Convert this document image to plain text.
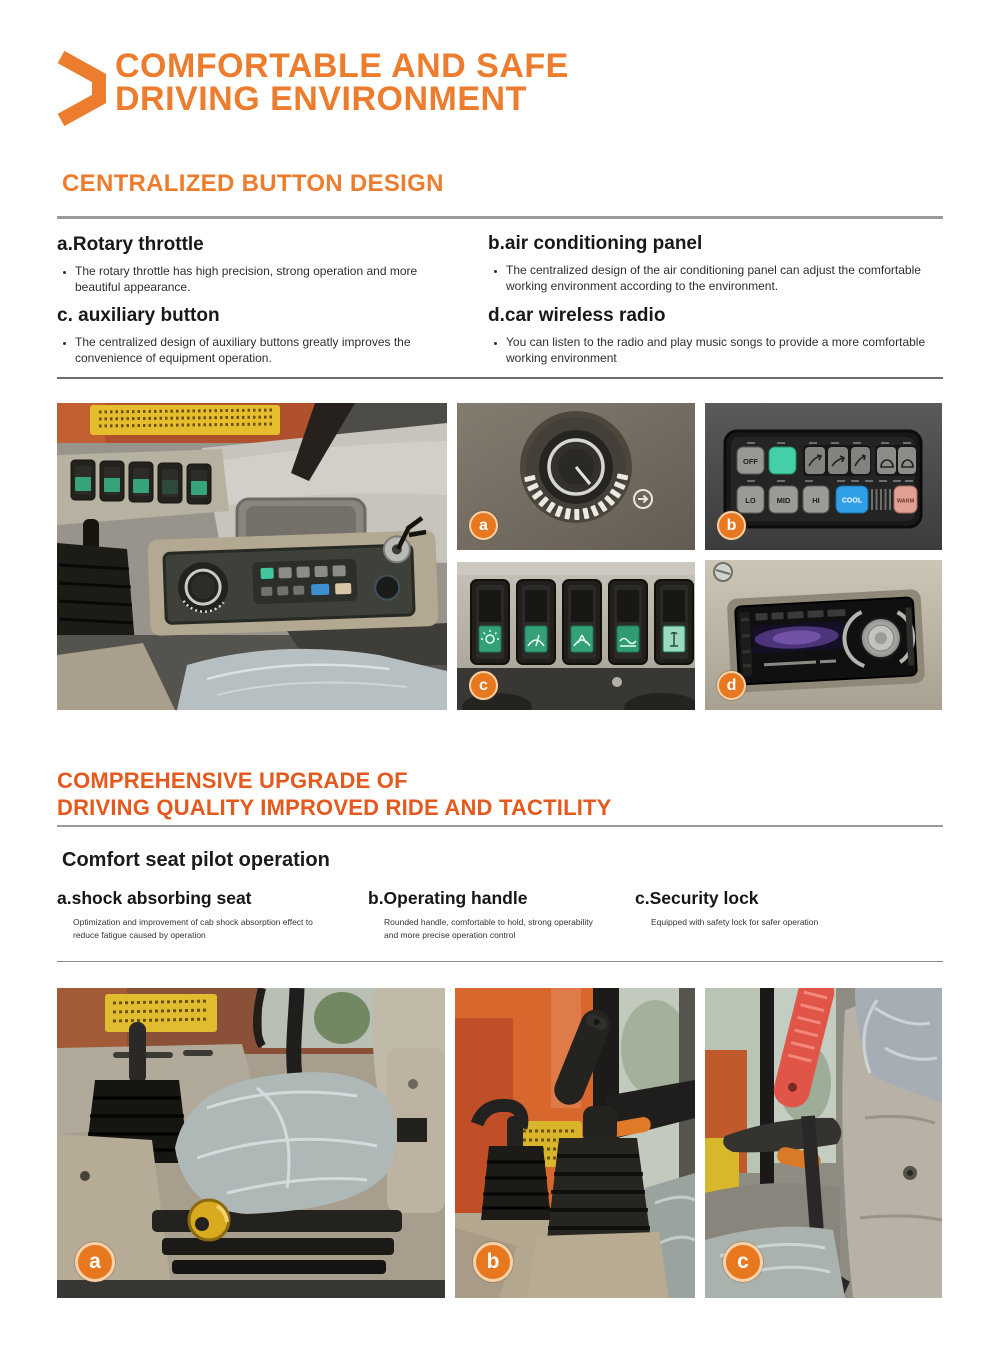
COMFORTABLE AND SAFE
DRIVING ENVIRONMENT
CENTRALIZED BUTTON DESIGN
a.Rotary throttle
• The rotary throttle has high precision, strong operation and more beautiful appearance.
b.air conditioning panel
• The centralized design of the air conditioning panel can adjust the comfortable working environment according to the environment.
c. auxiliary button
• The centralized design of auxiliary buttons greatly improves the convenience of equipment operation.
d.car wireless radio
• You can listen to the radio and play music songs to provide a more comfortable working environment
a
OFF
LO	MID	HI	COOL	WARM
b
c	d
COMPREHENSIVE UPGRADE OF
DRIVING QUALITY IMPROVED RIDE AND TACTILITY
Comfort seat pilot operation
a.shock absorbing seat

Optimization and improvement of cab shock absorption effect to reduce fatigue caused by operation

b.Operating handle

Rounded handle, comfortable to hold, strong operability and more precise operation control

c.Security lock

Equipped with safety lock for safer operation

a	b	c
